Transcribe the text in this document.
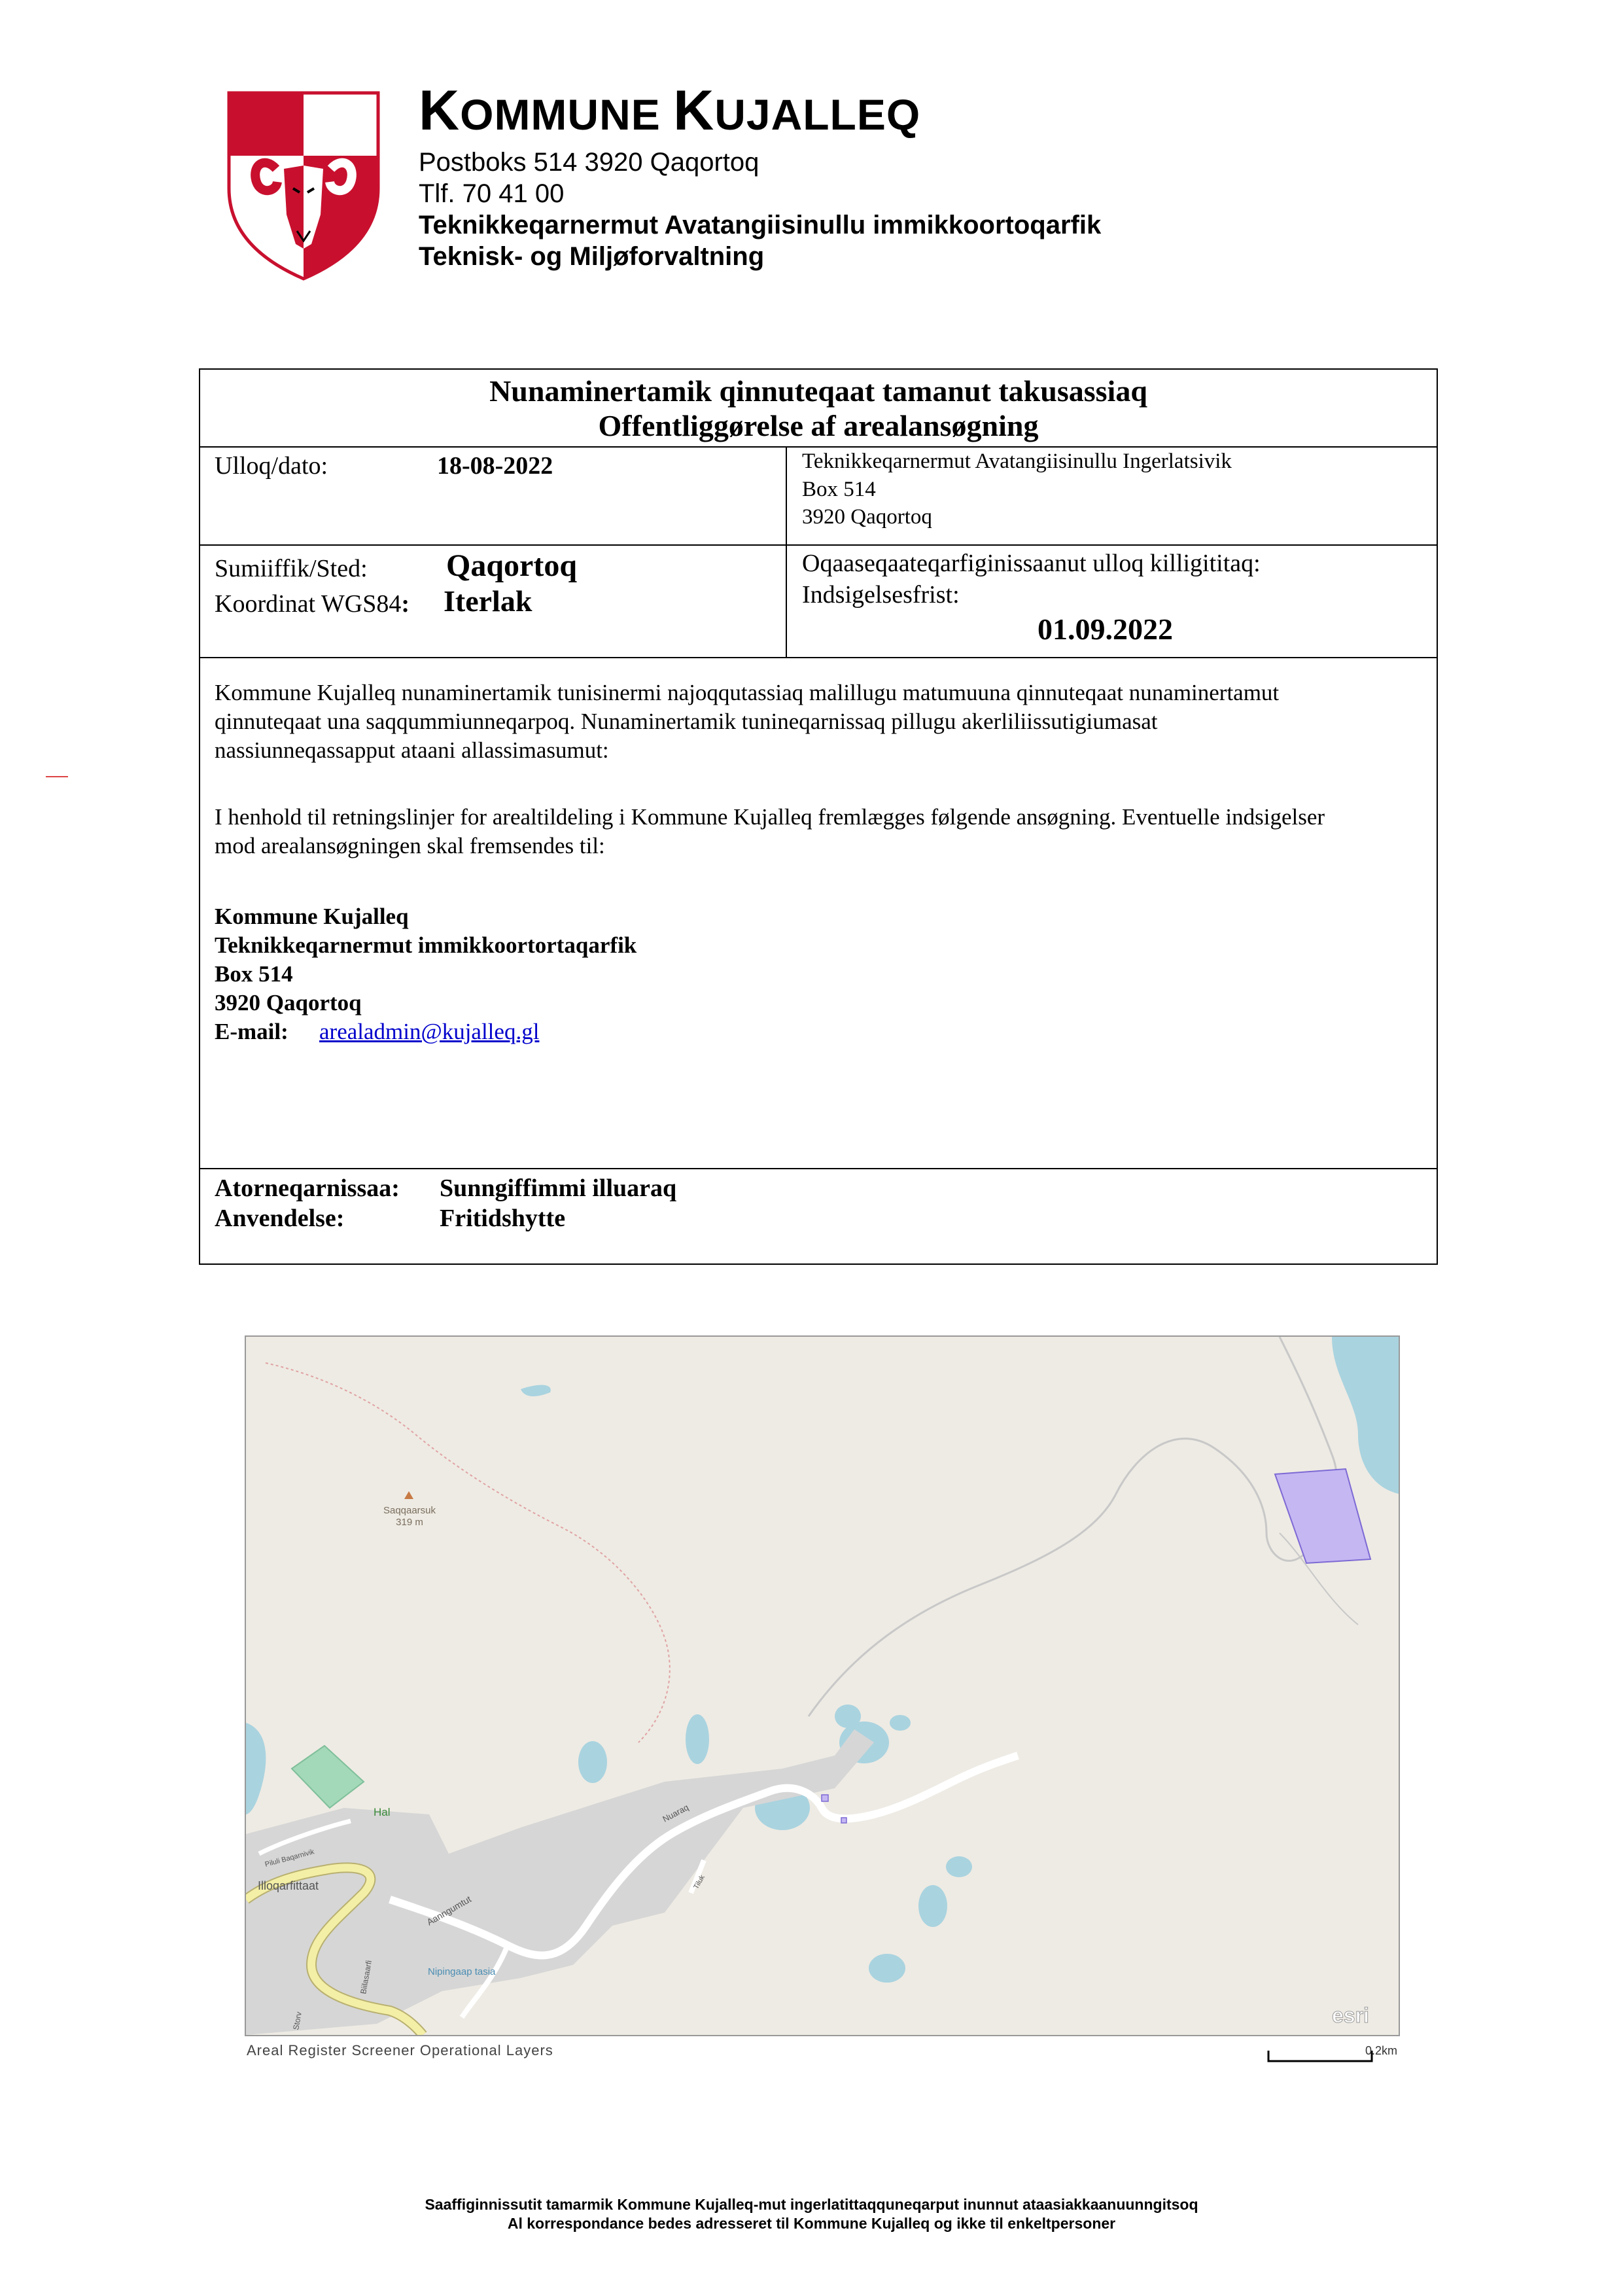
KOMMUNE KUJALLEQ
Postboks 514 3920 Qaqortoq
Tlf. 70 41 00
Teknikkeqarnermut Avatangiisinullu immikkoortoqarfik
Teknisk- og Miljøforvaltning
Nunaminertamik qinnuteqaat tamanut takusassiaq
Offentliggørelse af arealansøgning
Ulloq/dato:	18-08-2022	Teknikkeqarnermut Avatangiisinullu Ingerlatsivik
Box 514
3920 Qaqortoq
Sumiiffik/Sted:	Qaqortoq
Koordinat WGS84: Iterlak
Oqaaseqaateqarfiginissaanut ulloq killigititaq:
Indsigelsesfrist:
01.09.2022
Kommune Kujalleq nunaminertamik tunisinermi najoqqutassiaq malillugu matumuuna qinnuteqaat nunaminertamut
qinnuteqaat una saqqummiunneqarpoq. Nunaminertamik tunineqarnissaq pillugu akerliliissutigiumasat
nassiunneqassapput ataani allassimasumut:
I henhold til retningslinjer for arealtildeling i Kommune Kujalleq fremlægges følgende ansøgning. Eventuelle indsigelser
mod arealansøgningen skal fremsendes til:
Kommune Kujalleq
Teknikkeqarnermut immikkoortortaqarfik
Box 514
3920 Qaqortoq
E-mail: arealadmin@kujalleq.gl
Atorneqarnissaa: Sunngiffimmi illuaraq
Anvendelse:	Fritidshytte
Saqqaarsuk
319 m
Hal
Illoqarfittaat
Aanngumtut
Nuaraq
Piluli Baqarnivik
Tiluk
Storv
Biilasaarfi	Nipingaap tasia
esri
Areal Register Screener Operational Layers	0.2km
Saaffiginnissutit tamarmik Kommune Kujalleq-mut ingerlatittaqquneqarput inunnut ataasiakkaanuunngitsoq
Al korrespondance bedes adresseret til Kommune Kujalleq og ikke til enkeltpersoner
